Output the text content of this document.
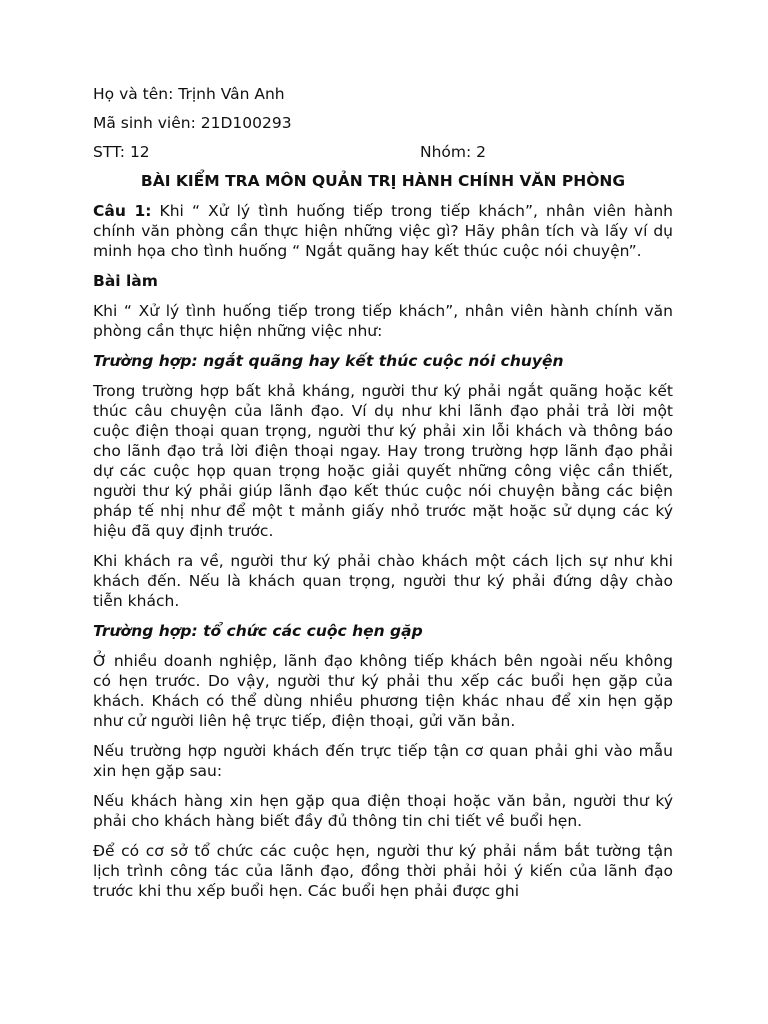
Họ và tên: Trịnh Vân Anh
Mã sinh viên: 21D100293
STT: 12	Nhóm: 2
BÀI KIỂM TRA MÔN QUẢN TRỊ HÀNH CHÍNH VĂN PHÒNG

Câu 1: Khi “ Xử lý tình huống tiếp trong tiếp khách”, nhân viên hành chính văn phòng cần thực hiện những việc gì? Hãy phân tích và lấy ví dụ minh họa cho tình huống “ Ngắt quãng hay kết thúc cuộc nói chuyện”.

Bài làm

Khi “ Xử lý tình huống tiếp trong tiếp khách”, nhân viên hành chính văn phòng cần thực hiện những việc như:

Trường hợp: ngắt quãng hay kết thúc cuộc nói chuyện

Trong trường hợp bất khả kháng, người thư ký phải ngắt quãng hoặc kết thúc câu chuyện của lãnh đạo. Ví dụ như khi lãnh đạo phải trả lời một cuộc điện thoại quan trọng, người thư ký phải xin lỗi khách và thông báo cho lãnh đạo trả lời điện thoại ngay. Hay trong trường hợp lãnh đạo phải dự các cuộc họp quan trọng hoặc giải quyết những công việc cần thiết, người thư ký phải giúp lãnh đạo kết thúc cuộc nói chuyện bằng các biện pháp tế nhị như để một t mảnh giấy nhỏ trước mặt hoặc sử dụng các ký hiệu đã quy định trước.

Khi khách ra về, người thư ký phải chào khách một cách lịch sự như khi khách đến. Nếu là khách quan trọng, người thư ký phải đứng dậy chào tiễn khách.

Trường hợp: tổ chức các cuộc hẹn gặp

Ở nhiều doanh nghiệp, lãnh đạo không tiếp khách bên ngoài nếu không có hẹn trước. Do vậy, người thư ký phải thu xếp các buổi hẹn gặp của khách. Khách có thể dùng nhiều phương tiện khác nhau để xin hẹn gặp như cử người liên hệ trực tiếp, điện thoại, gửi văn bản.

Nếu trường hợp người khách đến trực tiếp tận cơ quan phải ghi vào mẫu xin hẹn gặp sau:

Nếu khách hàng xin hẹn gặp qua điện thoại hoặc văn bản, người thư ký phải cho khách hàng biết đầy đủ thông tin chi tiết về buổi hẹn.

Để có cơ sở tổ chức các cuộc hẹn, người thư ký phải nắm bắt tường tận lịch trình công tác của lãnh đạo, đồng thời phải hỏi ý kiến của lãnh đạo trước khi thu xếp buổi hẹn. Các buổi hẹn phải được ghi
